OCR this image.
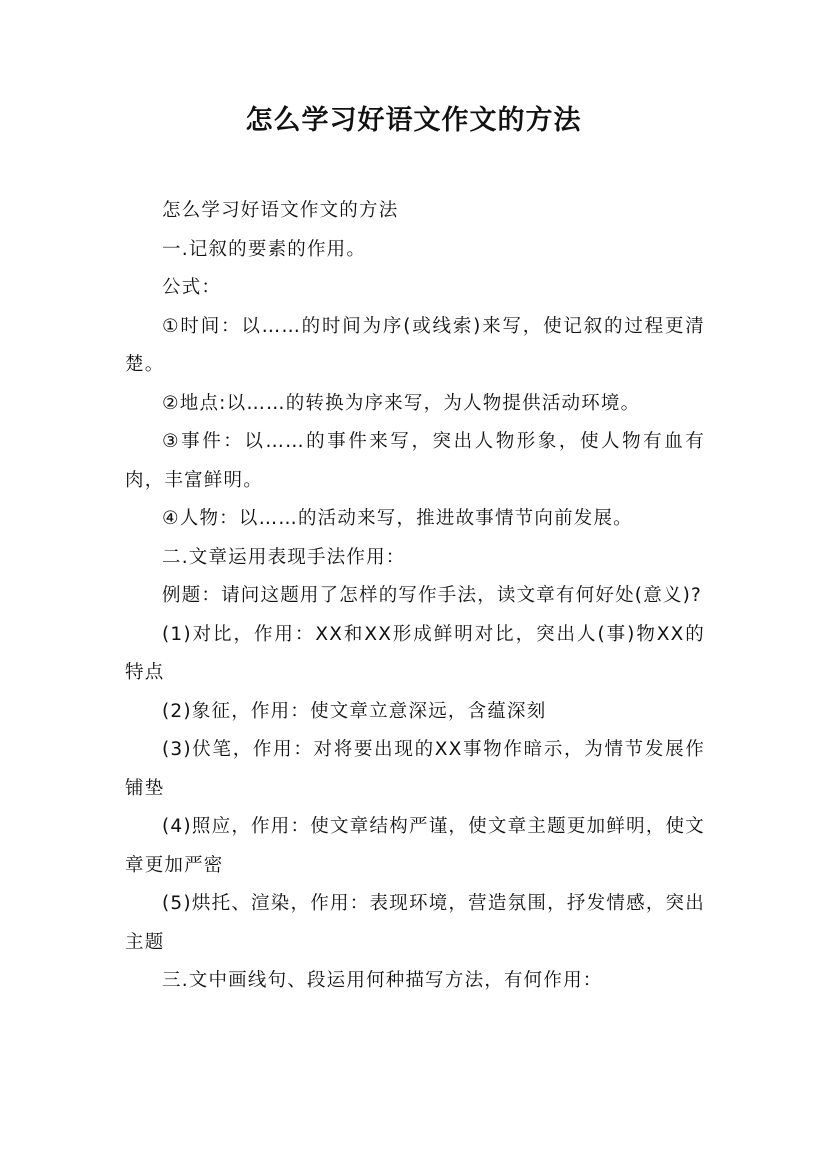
怎么学习好语文作文的方法

怎么学习好语文作文的方法

一.记叙的要素的作用。

公式：

①时间：以……的时间为序(或线索)来写，使记叙的过程更清楚。

②地点:以……的转换为序来写，为人物提供活动环境。

③事件：以……的事件来写，突出人物形象，使人物有血有肉，丰富鲜明。

④人物：以……的活动来写，推进故事情节向前发展。

二.文章运用表现手法作用：

例题：请问这题用了怎样的写作手法，读文章有何好处(意义)?

(1)对比，作用：XX和XX形成鲜明对比，突出人(事)物XX的特点

(2)象征，作用：使文章立意深远，含蕴深刻

(3)伏笔，作用：对将要出现的XX事物作暗示，为情节发展作铺垫

(4)照应，作用：使文章结构严谨，使文章主题更加鲜明，使文章更加严密

(5)烘托、渲染，作用：表现环境，营造氛围，抒发情感，突出主题

三.文中画线句、段运用何种描写方法，有何作用：
